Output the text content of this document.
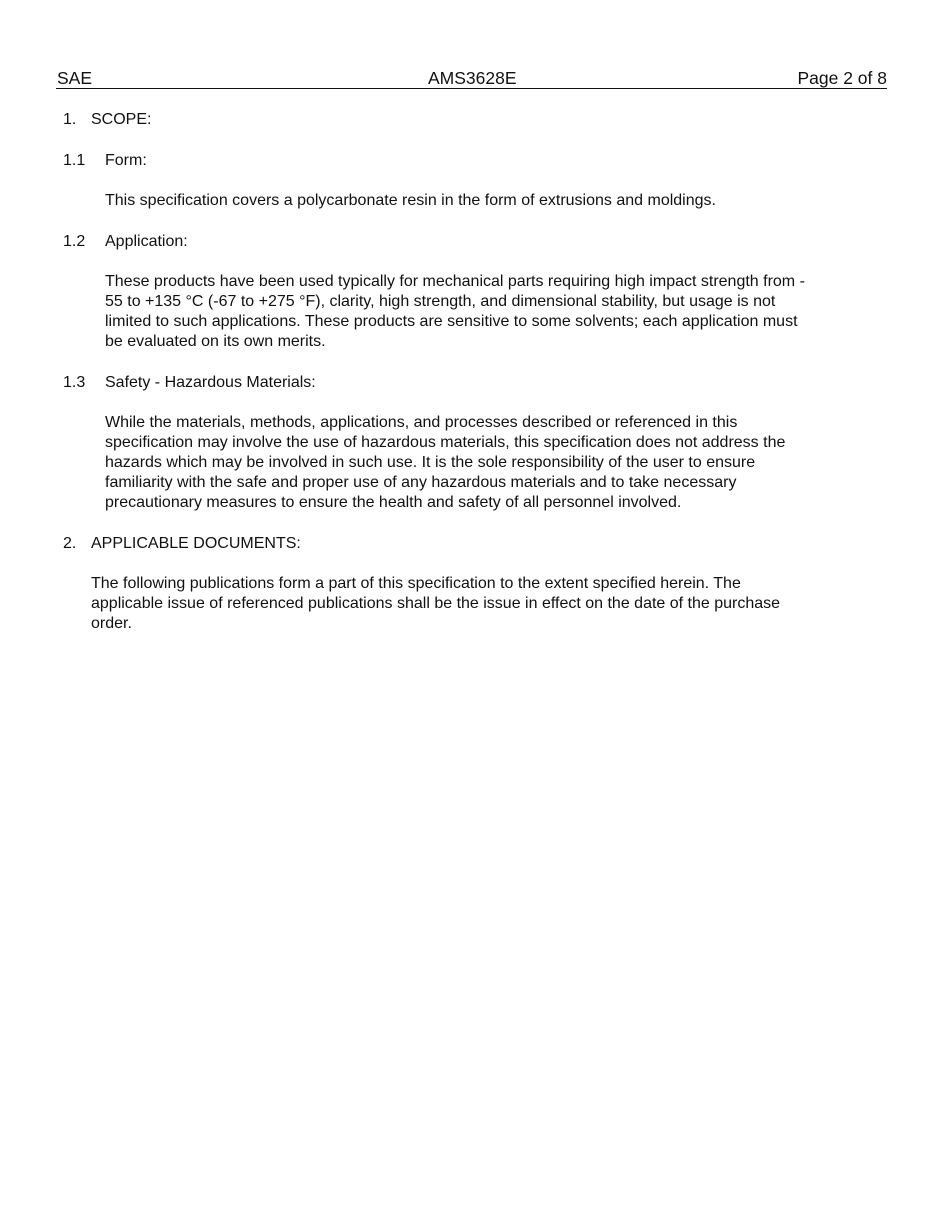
SAE	AMS3628E	Page 2 of 8
1. SCOPE:
1.1 Form:

This specification covers a polycarbonate resin in the form of extrusions and moldings.

1.2 Application:

These products have been used typically for mechanical parts requiring high impact strength from -

55 to +135 °C (-67 to +275 °F), clarity, high strength, and dimensional stability, but usage is not

limited to such applications. These products are sensitive to some solvents; each application must

be evaluated on its own merits.

1.3 Safety - Hazardous Materials:

While the materials, methods, applications, and processes described or referenced in this

specification may involve the use of hazardous materials, this specification does not address the

hazards which may be involved in such use. It is the sole responsibility of the user to ensure

familiarity with the safe and proper use of any hazardous materials and to take necessary

precautionary measures to ensure the health and safety of all personnel involved.

2. APPLICABLE DOCUMENTS:

The following publications form a part of this specification to the extent specified herein. The

applicable issue of referenced publications shall be the issue in effect on the date of the purchase

order.
